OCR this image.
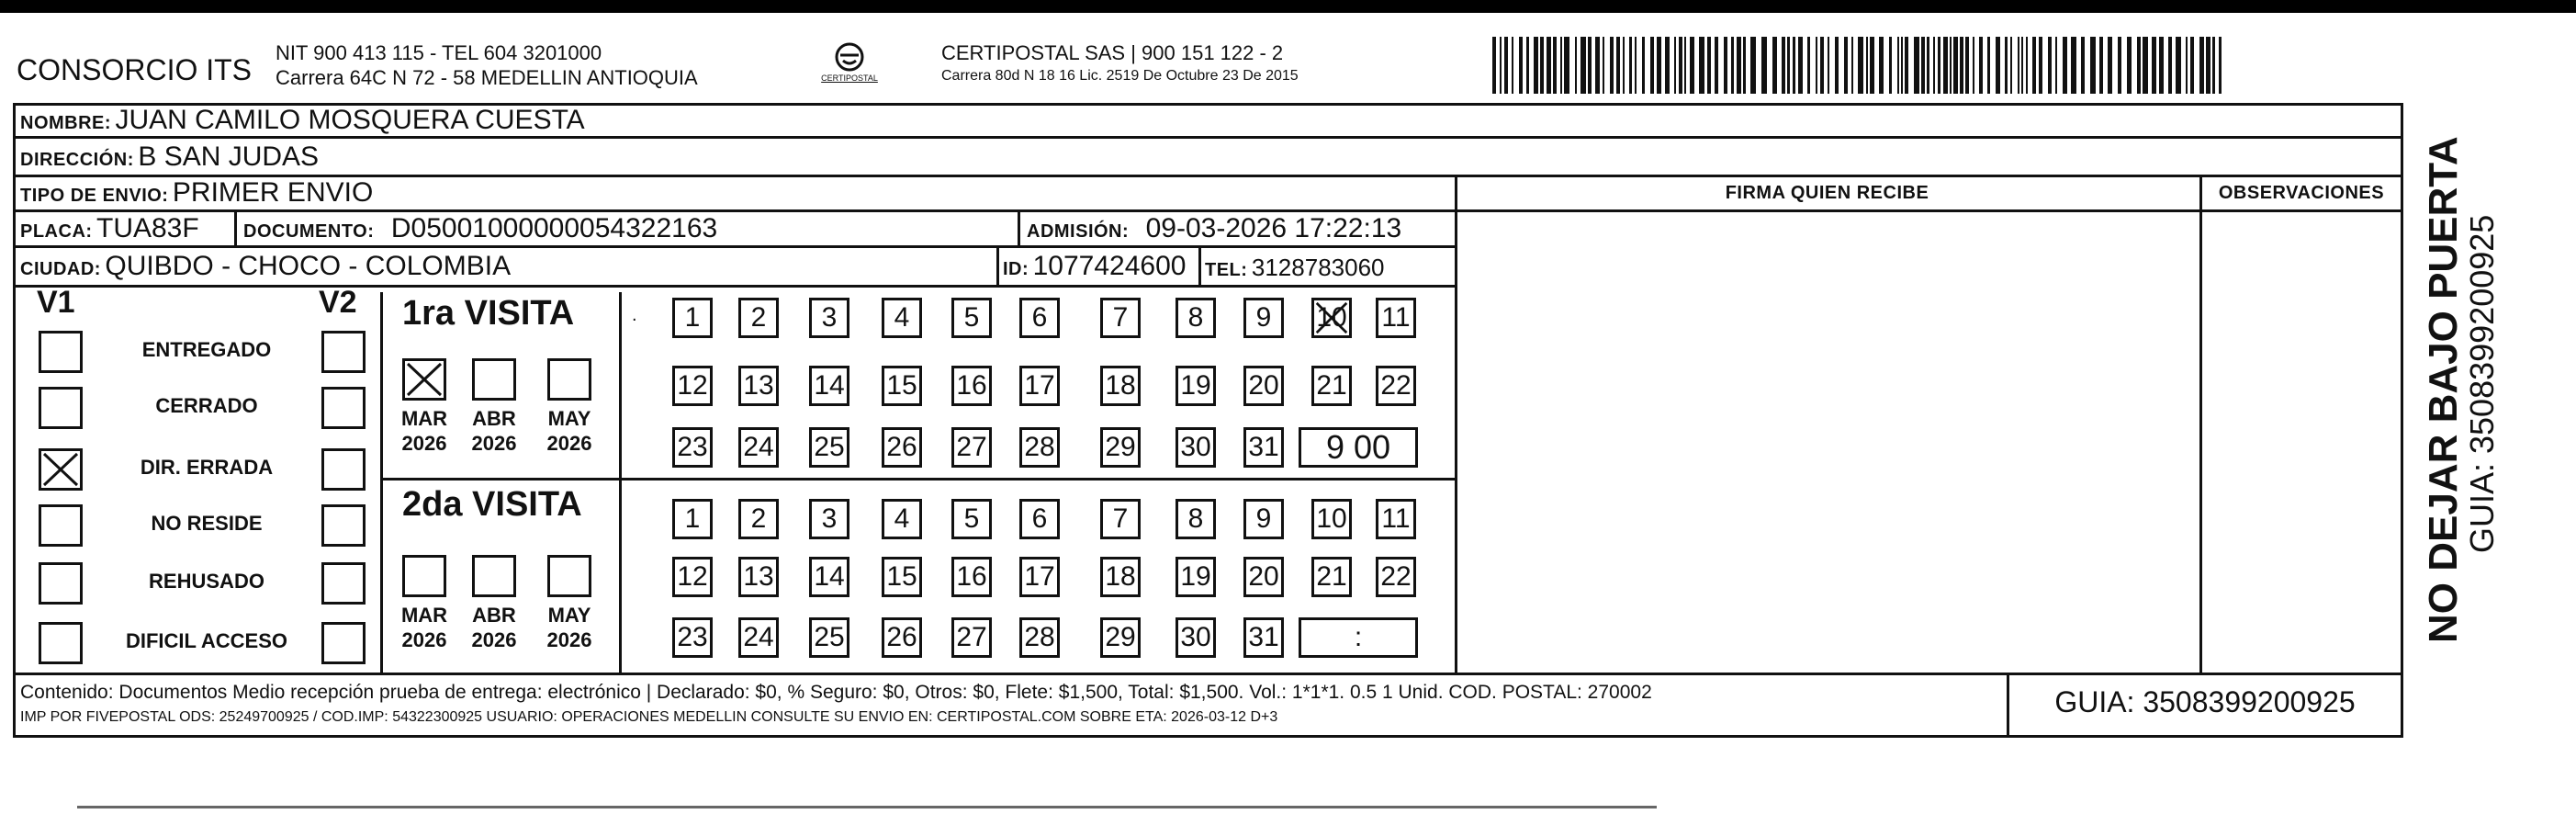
CONSORCIO ITS
NIT 900 413 115 - TEL 604 3201000
Carrera 64C N 72 - 58 MEDELLIN ANTIOQUIA	CERTIPOSTAL
CERTIPOSTAL SAS | 900 151 122 - 2
Carrera 80d N 18 16 Lic. 2519 De Octubre 23 De 2015
NOMBRE: JUAN CAMILO MOSQUERA CUESTA
DIRECCIÓN: B SAN JUDAS
TIPO DE ENVIO: PRIMER ENVIO	FIRMA QUIEN RECIBE	OBSERVACIONES
PLACA: TUA83F DOCUMENTO: D05001000000054322163	ADMISIÓN: 09-03-2026 17:22:13
CIUDAD: QUIBDO - CHOCO - COLOMBIA	ID: 1077424600 TEL: 3128783060
V1	V2
ENTREGADO
CERRADO
DIR. ERRADA
NO RESIDE
REHUSADO
DIFICIL ACCESO
1ra VISITA
2da VISITA
. 1 2 3 4 5 6 7 8 9 10 11
12 13 14 15 16 17 18 19 20 21 22
23 24 25 26 27 28 29 30 31	9 00
1 2 3 4 5 6 7 8 9 10 11
12 13 14 15 16 17 18 19 20 21 22
23 24 25 26 27 28 29 30 31	:
MAR
2026
ABR
2026
MAY
2026
MAR
2026
ABR
2026
MAY
2026
Contenido: Documentos Medio recepción prueba de entrega: electrónico | Declarado: $0, % Seguro: $0, Otros: $0, Flete: $1,500, Total: $1,500. Vol.: 1*1*1. 0.5 1 Unid. COD. POSTAL: 270002
IMP POR FIVEPOSTAL ODS: 25249700925 / COD.IMP: 54322300925 USUARIO: OPERACIONES MEDELLIN CONSULTE SU ENVIO EN: CERTIPOSTAL.COM SOBRE ETA: 2026-03-12 D+3	GUIA: 3508399200925
NO DEJAR BAJO PUERTA
GUIA: 3508399200925
